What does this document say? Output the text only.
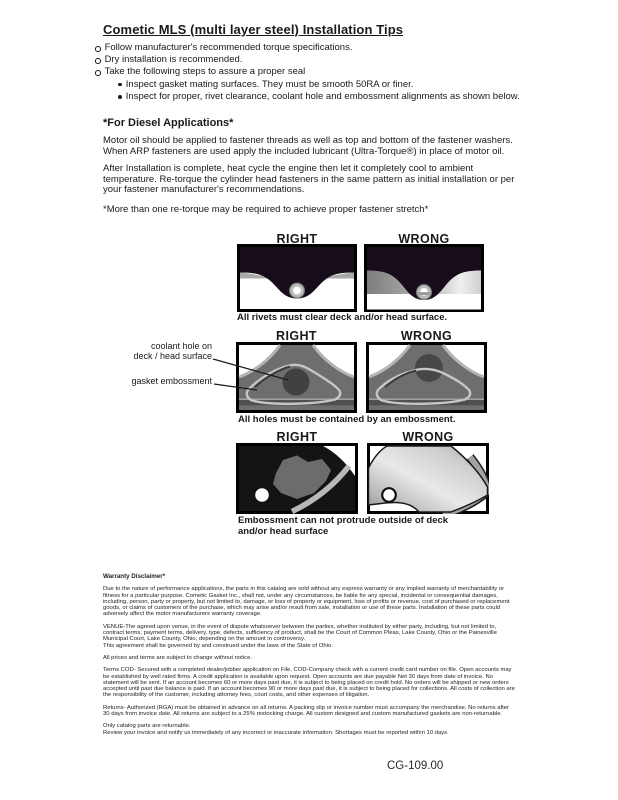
Cometic MLS (multi layer steel) Installation Tips
Follow manufacturer's recommended torque specifications.
Dry installation is recommended.
Take the following steps to assure a proper seal
Inspect gasket mating surfaces. They must be smooth 50RA or finer.
Inspect for proper, rivet clearance, coolant hole and embossment alignments as shown below.
*For Diesel Applications*
Motor oil should be applied to fastener threads as well as top and bottom of the fastener washers. When ARP fasteners are used apply the included lubricant (Ultra-Torque®) in place of motor oil.
After Installation is complete, heat cycle the engine then let it completely cool to ambient temperature. Re-torque the cylinder head fasteners in the same pattern as initial installation or per your fastener manufacturer's recommendations.
*More than one re-torque may be required to achieve proper fastener stretch*
RIGHT	WRONG
All rivets must clear deck and/or head surface.
RIGHT	WRONG
coolant hole on
deck / head surface
gasket embossment
All holes must be contained by an embossment.
RIGHT	WRONG
Embossment can not protrude outside of deck
and/or head surface
Warranty Disclaimer*

Due to the nature of performance applications, the parts in this catalog are sold without any express warranty or any implied warranty of merchantability or fitness for a particular purpose. Cometic Gasket Inc., shall not, under any circumstances, be liable for any special, incidental or consequential damages, including, person, party or property, but not limited to, damage, or loss of property or equipment, loss of profits or revenue, cost of purchased or replacement goods, or claims of customers of the purchase, which may arise and/or result from sale, installation or use of these parts. Installation of these parts could adversely affect the motor manufacturers warranty coverage.

VENUE-The agreed upon venue, in the event of dispute whatsoever between the parties, whether instituted by either party, including, but not limited to, contract terms, payment terms, delivery, type, defects, sufficiency of product, shall be the Court of Common Pleas, Lake County, Ohio or the Painesville Municipal Court, Lake County, Ohio, depending on the amount in controversy.

This agreement shall be governed by and construed under the laws of the State of Ohio.

All prices and terms are subject to change without notice.

Terms COD- Secured with a completed dealer/jobber application on File, COD-Company check with a current credit card number on file. Open accounts may be established by well rated firms. A credit application is available upon request. Open accounts are due payable Net 30 days from date of invoice. No statement will be sent. If an account becomes 60 or more days past due, it is subject to being placed on credit hold. No orders will be shipped or new orders accepted until past due balance is paid. If an account becomes 90 or more days past due, it is subject to being placed for collections. All costs of collection are the responsibility of the customer, including attorney fees, court costs, and other expenses of litigation.

Returns- Authorized (RGA) must be obtained in advance on all returns. A packing slip or invoice number must accompany the merchandise. No returns after 30 days from invoice date. All returns are subject to a 25% restocking charge. All custom designed and custom manufactured gaskets are non-returnable.

Only catalog parts are returnable.

Review your invoice and notify us immediately of any incorrect or inaccurate information. Shortages must be reported within 10 days.

CG-109.00
